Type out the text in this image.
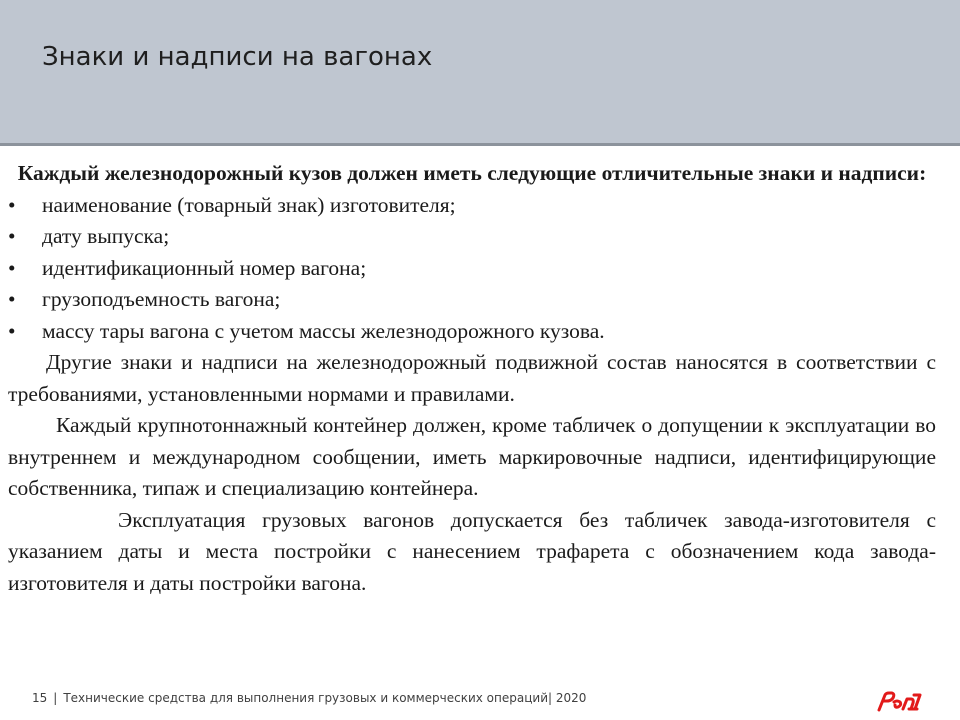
Знаки и надписи на вагонах

Каждый железнодорожный кузов должен иметь следующие отличительные знаки и надписи:

• наименование (товарный знак) изготовителя;
• дату выпуска;
• идентификационный номер вагона;
• грузоподъемность вагона;
• массу тары вагона с учетом массы железнодорожного кузова.

Другие знаки и надписи на железнодорожный подвижной состав наносятся в соответствии с требованиями, установленными нормами и правилами.

Каждый крупнотоннажный контейнер должен, кроме табличек о допущении к эксплуатации во внутреннем и международном сообщении, иметь маркировочные надписи, идентифицирующие собственника, типаж и специализацию контейнера.

Эксплуатация грузовых вагонов допускается без табличек завода-изготовителя с указанием даты и места постройки с нанесением трафарета с обозначением кода завода-изготовителя и даты постройки вагона.

15 | Технические средства для выполнения грузовых и коммерческих операций| 2020
